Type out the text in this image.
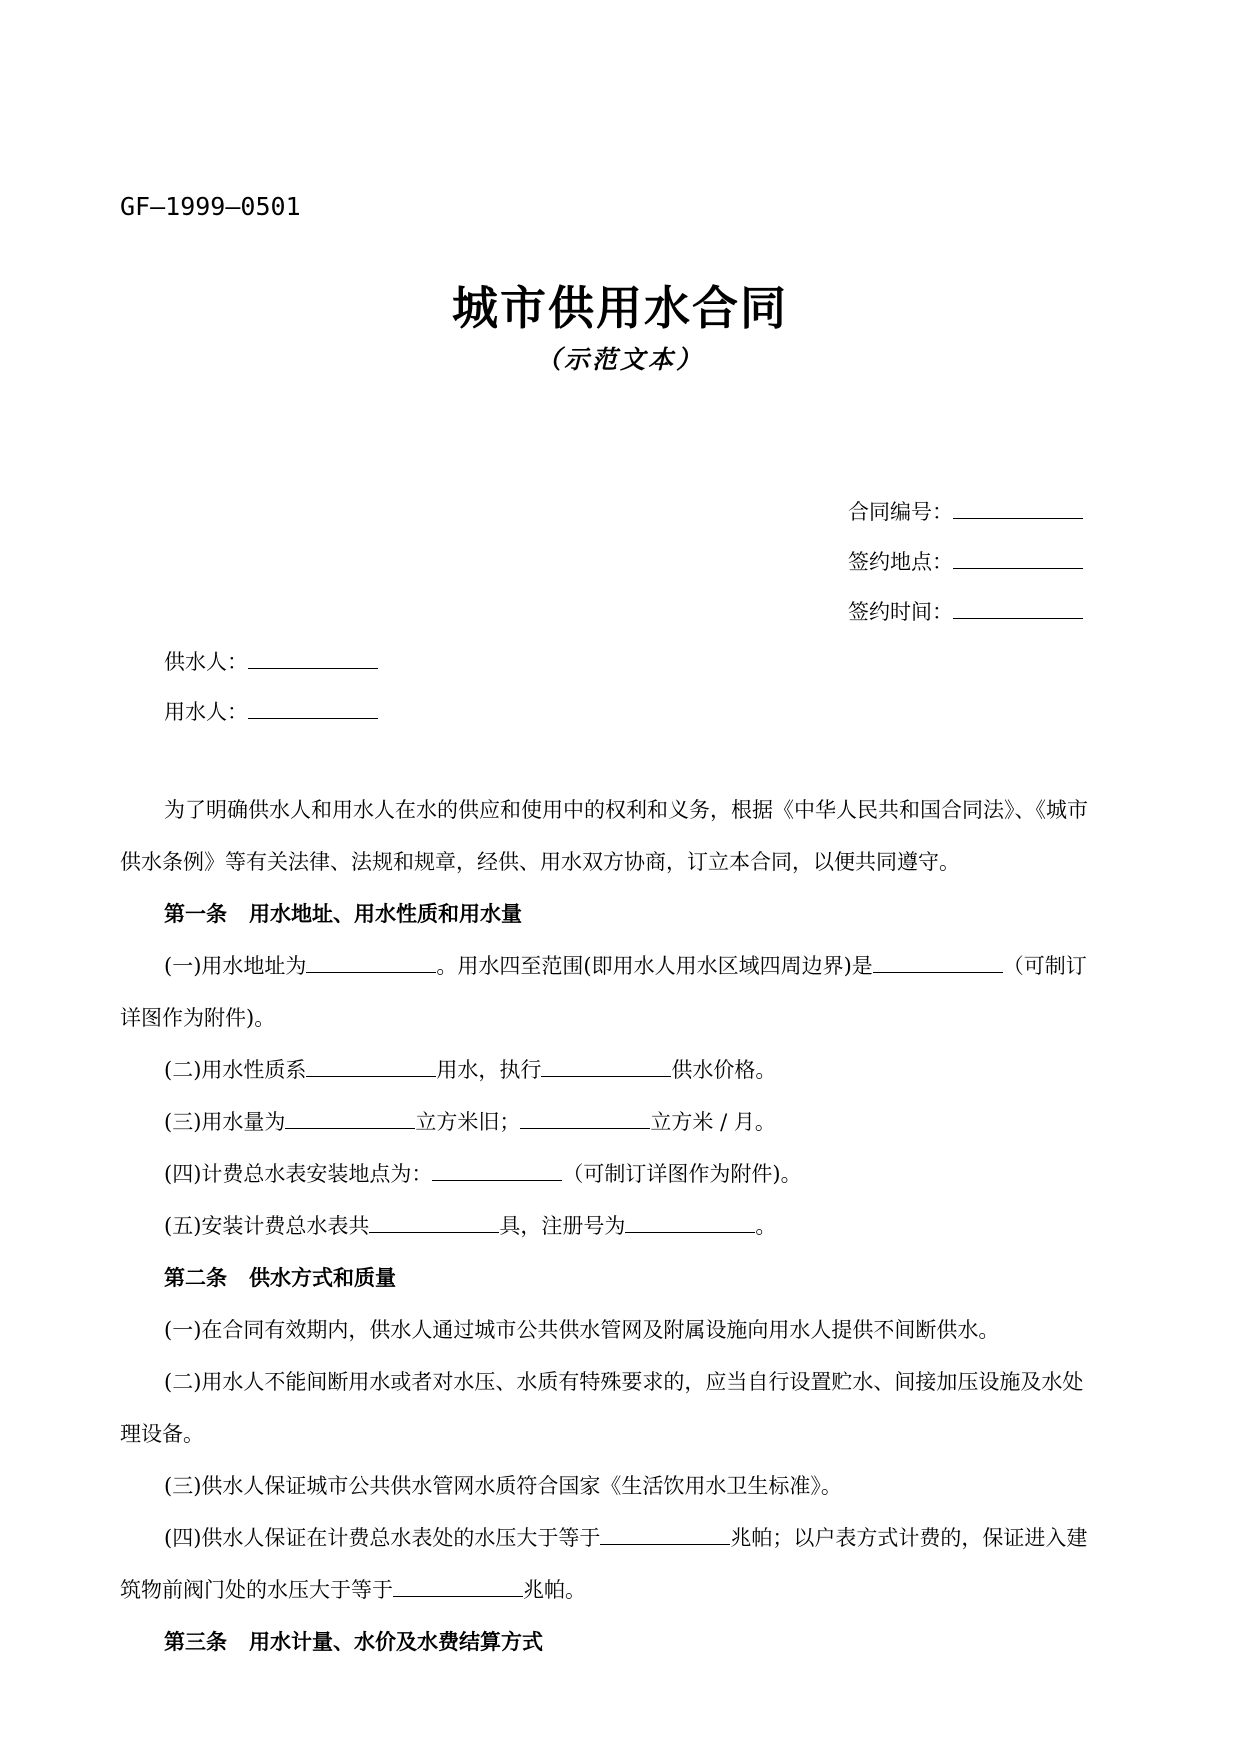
GF—1999—0501
城市供用水合同
（示范文本）
合同编号：
签约地点：
签约时间：
供水人：
用水人：

为了明确供水人和用水人在水的供应和使用中的权利和义务，根据《中华人民共和国合同法》、《城市

供水条例》等有关法律、法规和规章，经供、用水双方协商，订立本合同，以便共同遵守。

第一条 用水地址、用水性质和用水量

(一)用水地址为	。用水四至范围(即用水人用水区域四周边界)是	（可制订

详图作为附件)。

(二)用水性质系	用水，执行	供水价格。

(三)用水量为	立方米旧；	立方米 / 月。

(四)计费总水表安装地点为：	（可制订详图作为附件)。

(五)安装计费总水表共	具，注册号为	。

第二条 供水方式和质量

(一)在合同有效期内，供水人通过城市公共供水管网及附属设施向用水人提供不间断供水。

(二)用水人不能间断用水或者对水压、水质有特殊要求的，应当自行设置贮水、间接加压设施及水处

理设备。

(三)供水人保证城市公共供水管网水质符合国家《生活饮用水卫生标准》。

(四)供水人保证在计费总水表处的水压大于等于	兆帕；以户表方式计费的，保证进入建

筑物前阀门处的水压大于等于	兆帕。

第三条 用水计量、水价及水费结算方式
